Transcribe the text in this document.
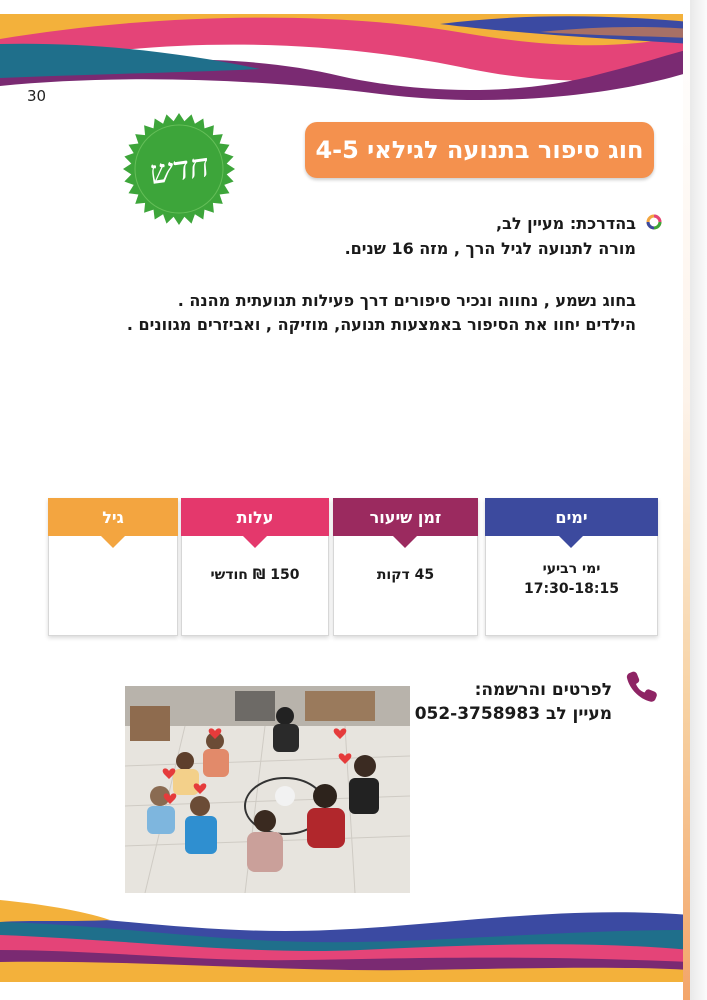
30
חדש	חוג סיפור בתנועה לגילאי 4-5
בהדרכת: מעיין לב,
מורה לתנועה לגיל הרך , מזה 16 שנים.
בחוג נשמע , נחווה ונכיר סיפורים דרך פעילות תנועתית מהנה .
הילדים יחוו את הסיפור באמצעות תנועה, מוזיקה , ואביזרים מגוונים .
ימים
ימי רביעי
17:30-18:15
זמן שיעור
45 דקות
עלות
150 ₪ חודשי
גיל
לפרטים והרשמה:
מעיין לב 052-3758983
